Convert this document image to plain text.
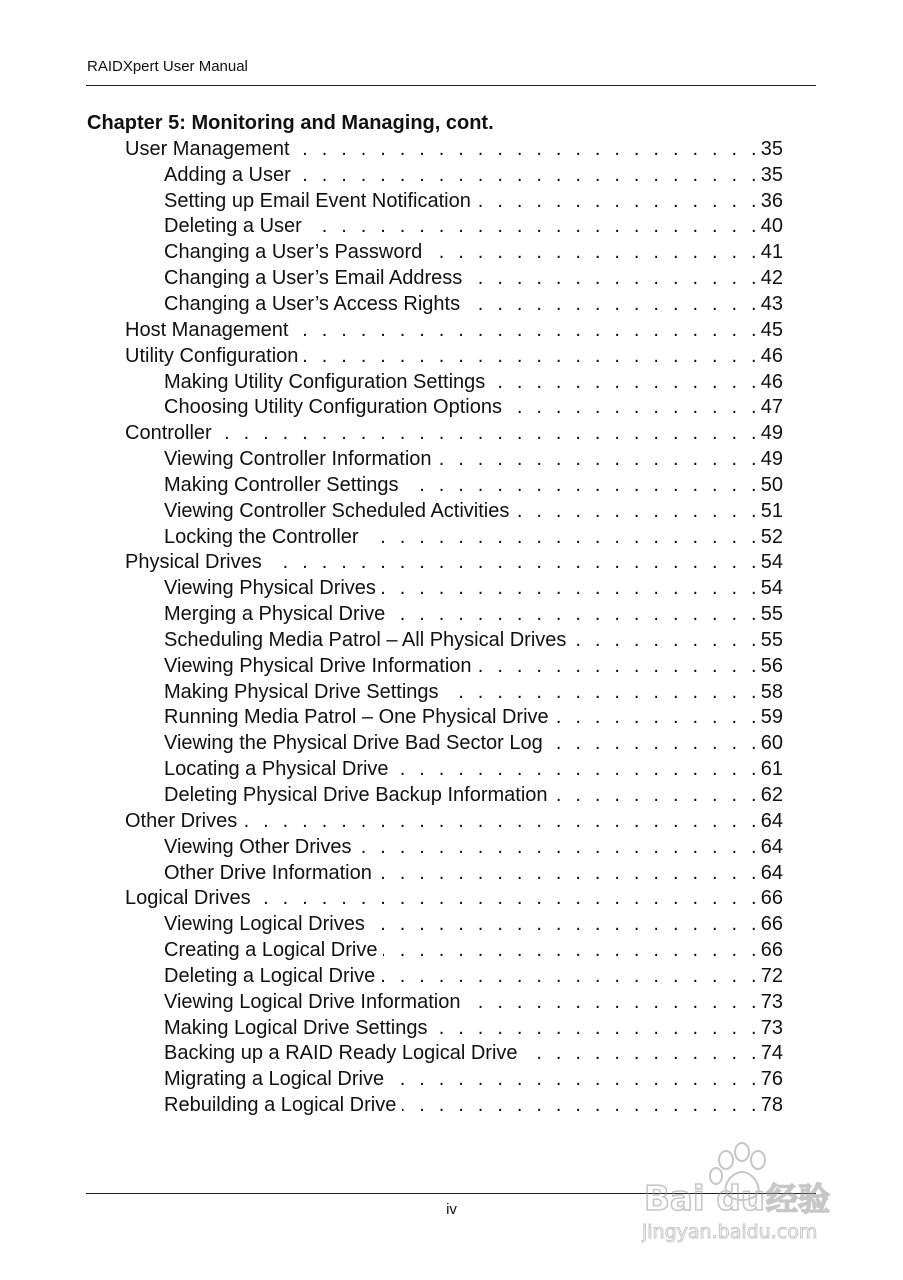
RAIDXpert User Manual
Chapter 5: Monitoring and Managing, cont.
User Management . . .	35
Adding a User . . .	35
Setting up Email Event Notification . . .	36
Deleting a User . . .	40
Changing a User’s Password . . .	41
Changing a User’s Email Address . . .	42
Changing a User’s Access Rights . . .	43
Host Management . . .	45
Utility Configuration . . .	46
Making Utility Configuration Settings . . .	46
Choosing Utility Configuration Options . . .	47
Controller . . .	49
Viewing Controller Information . . .	49
Making Controller Settings . . .	50
Viewing Controller Scheduled Activities . . .	51
Locking the Controller . . .	52
Physical Drives . . .	54
Viewing Physical Drives . . .	54
Merging a Physical Drive . . .	55
Scheduling Media Patrol – All Physical Drives . . .	55
Viewing Physical Drive Information . . .	56
Making Physical Drive Settings . . .	58
Running Media Patrol – One Physical Drive . . .	59
Viewing the Physical Drive Bad Sector Log . . .	60
Locating a Physical Drive . . .	61
Deleting Physical Drive Backup Information . . .	62
Other Drives . . .	64
Viewing Other Drives . . .	64
Other Drive Information . . .	64
Logical Drives . . .	66
Viewing Logical Drives . . .	66
Creating a Logical Drive . . .	66
Deleting a Logical Drive . . .	72
Viewing Logical Drive Information . . .	73
Making Logical Drive Settings . . .	73
Backing up a RAID Ready Logical Drive . . .	74
Migrating a Logical Drive . . .	76
Rebuilding a Logical Drive . . .	78
iv	Bai du 经验
jingyan.baidu.com
